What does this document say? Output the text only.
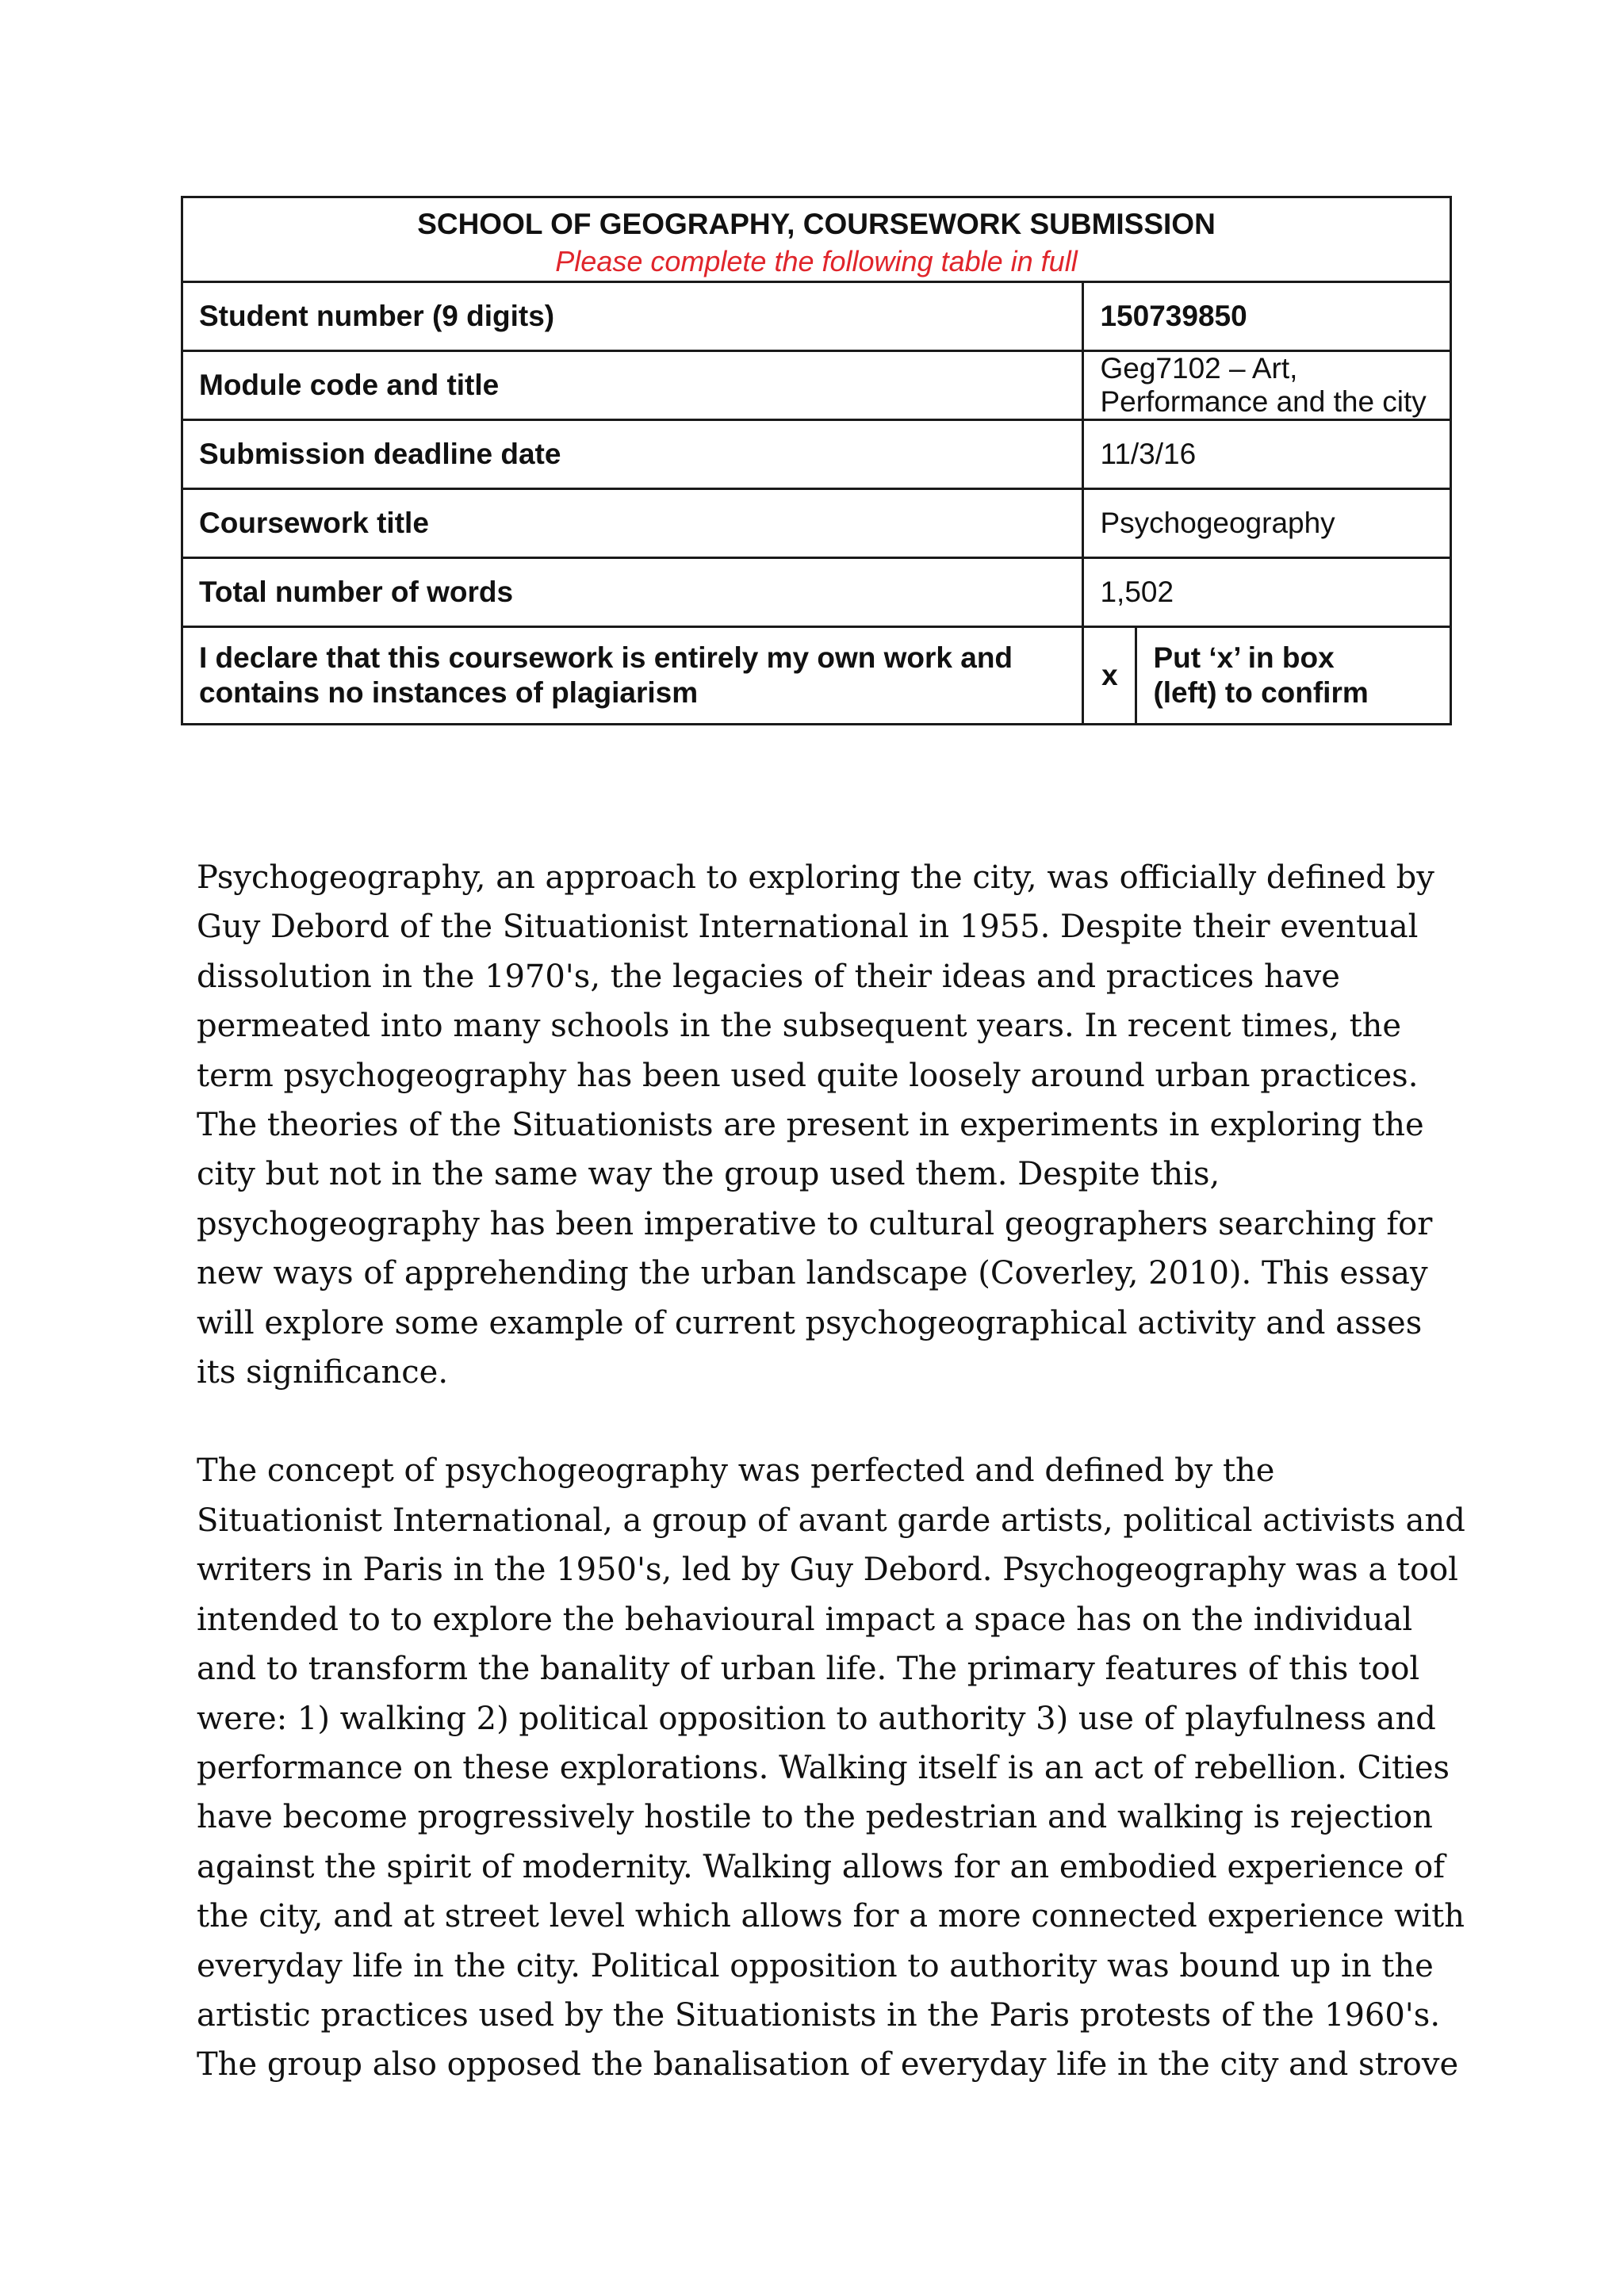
SCHOOL OF GEOGRAPHY, COURSEWORK SUBMISSION
Please complete the following table in full		

Student number (9 digits)	150739850	
Module code and title	Geg7102 – Art, Performance and the city	
Submission deadline date	11/3/16	
Coursework title	Psychogeography	
Total number of words	1,502	

I declare that this coursework is entirely my own work and
contains no instances of plagiarism	x	Put ‘x’ in box
(left) to confirm

Psychogeography, an approach to exploring the city, was officially defined by
Guy Debord of the Situationist International in 1955. Despite their eventual
dissolution in the 1970's, the legacies of their ideas and practices have
permeated into many schools in the subsequent years. In recent times, the
term psychogeography has been used quite loosely around urban practices.
The theories of the Situationists are present in experiments in exploring the
city but not in the same way the group used them. Despite this,
psychogeography has been imperative to cultural geographers searching for
new ways of apprehending the urban landscape (Coverley, 2010). This essay
will explore some example of current psychogeographical activity and asses
its significance.

The concept of psychogeography was perfected and defined by the
Situationist International, a group of avant garde artists, political activists and
writers in Paris in the 1950's, led by Guy Debord. Psychogeography was a tool
intended to to explore the behavioural impact a space has on the individual
and to transform the banality of urban life. The primary features of this tool
were: 1) walking 2) political opposition to authority 3) use of playfulness and
performance on these explorations. Walking itself is an act of rebellion. Cities
have become progressively hostile to the pedestrian and walking is rejection
against the spirit of modernity. Walking allows for an embodied experience of
the city, and at street level which allows for a more connected experience with
everyday life in the city. Political opposition to authority was bound up in the
artistic practices used by the Situationists in the Paris protests of the 1960's.
The group also opposed the banalisation of everyday life in the city and strove
